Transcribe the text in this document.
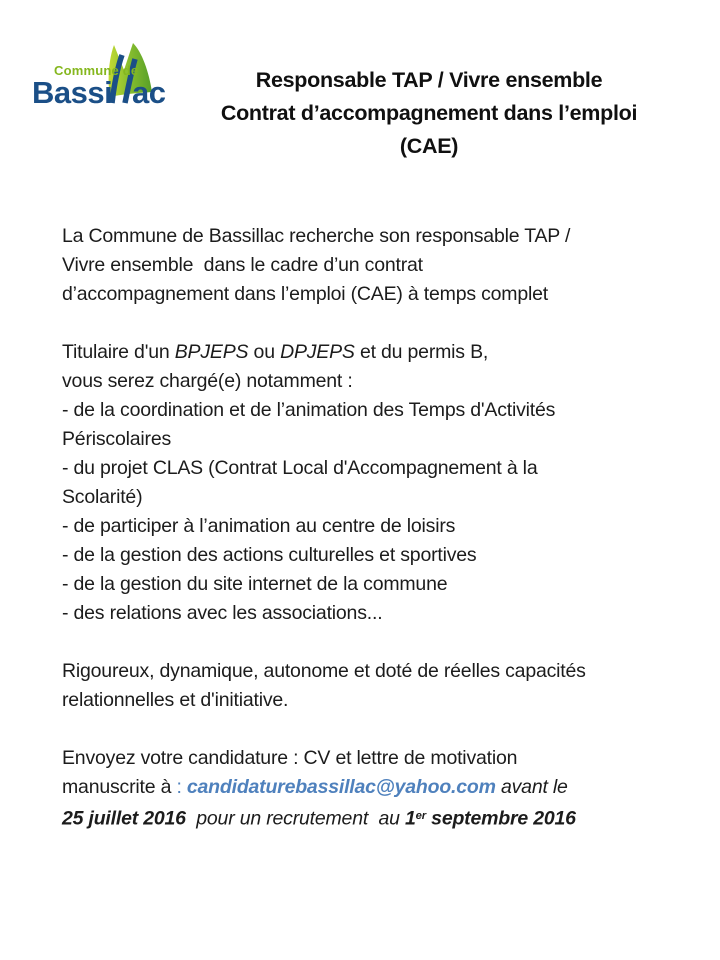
Commune de
Bassi ac	Responsable TAP / Vivre ensemble
Contrat d’accompagnement dans l’emploi
(CAE)
La Commune de Bassillac recherche son responsable TAP /
Vivre ensemble  dans le cadre d’un contrat
d’accompagnement dans l’emploi (CAE) à temps complet
Titulaire d'un BPJEPS ou DPJEPS et du permis B,
vous serez chargé(e) notamment :
- de la coordination et de l’animation des Temps d'Activités
Périscolaires
- du projet CLAS (Contrat Local d'Accompagnement à la
Scolarité)
- de participer à l’animation au centre de loisirs
- de la gestion des actions culturelles et sportives
- de la gestion du site internet de la commune
- des relations avec les associations...
Rigoureux, dynamique, autonome et doté de réelles capacités
relationnelles et d'initiative.
Envoyez votre candidature : CV et lettre de motivation
manuscrite à : candidaturebassillac@yahoo.com avant le
25 juillet 2016  pour un recrutement  au 1er septembre 2016
